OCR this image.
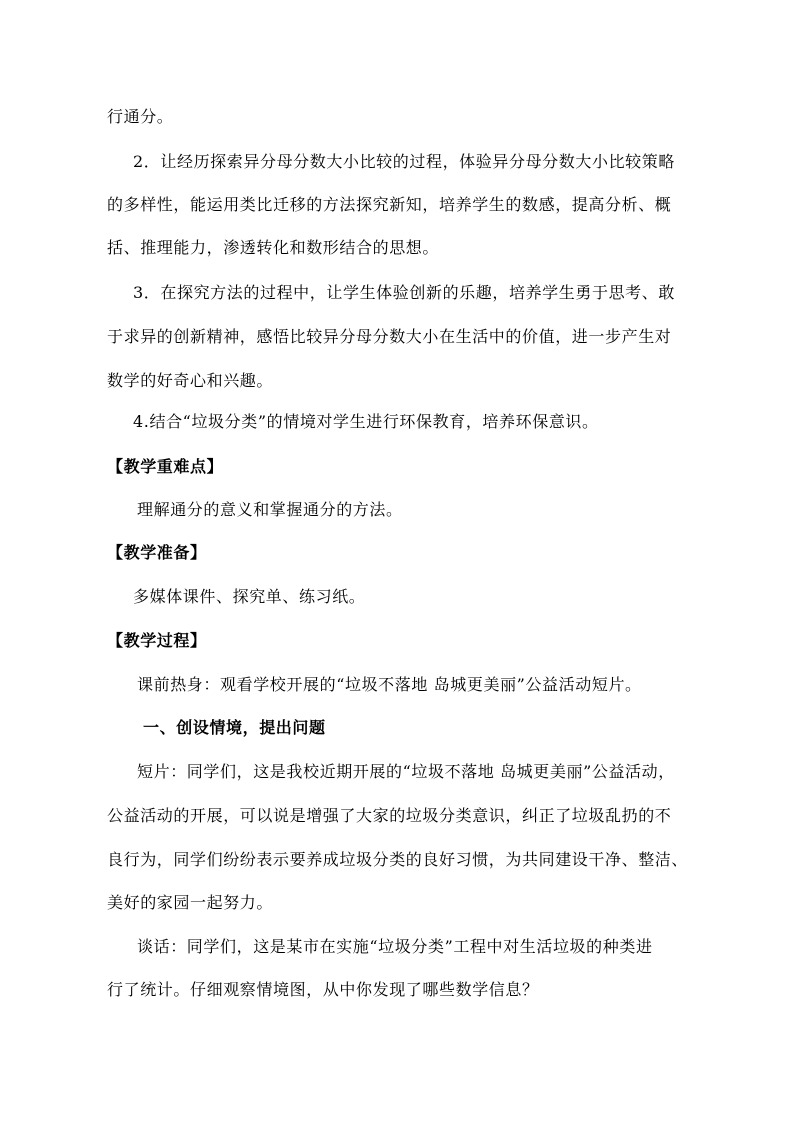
行通分。
2．让经历探索异分母分数大小比较的过程，体验异分母分数大小比较策略
的多样性，能运用类比迁移的方法探究新知，培养学生的数感，提高分析、概
括、推理能力，渗透转化和数形结合的思想。
3．在探究方法的过程中，让学生体验创新的乐趣，培养学生勇于思考、敢
于求异的创新精神，感悟比较异分母分数大小在生活中的价值，进一步产生对
数学的好奇心和兴趣。
4.结合“垃圾分类”的情境对学生进行环保教育，培养环保意识。
【教学重难点】
理解通分的意义和掌握通分的方法。
【教学准备】
多媒体课件、探究单、练习纸。
【教学过程】
课前热身：观看学校开展的“垃圾不落地 岛城更美丽”公益活动短片。
一、创设情境，提出问题
短片：同学们，这是我校近期开展的“垃圾不落地 岛城更美丽”公益活动，
公益活动的开展，可以说是增强了大家的垃圾分类意识，纠正了垃圾乱扔的不
良行为，同学们纷纷表示要养成垃圾分类的良好习惯，为共同建设干净、整洁、
美好的家园一起努力。
谈话：同学们，这是某市在实施“垃圾分类”工程中对生活垃圾的种类进
行了统计。仔细观察情境图，从中你发现了哪些数学信息？
